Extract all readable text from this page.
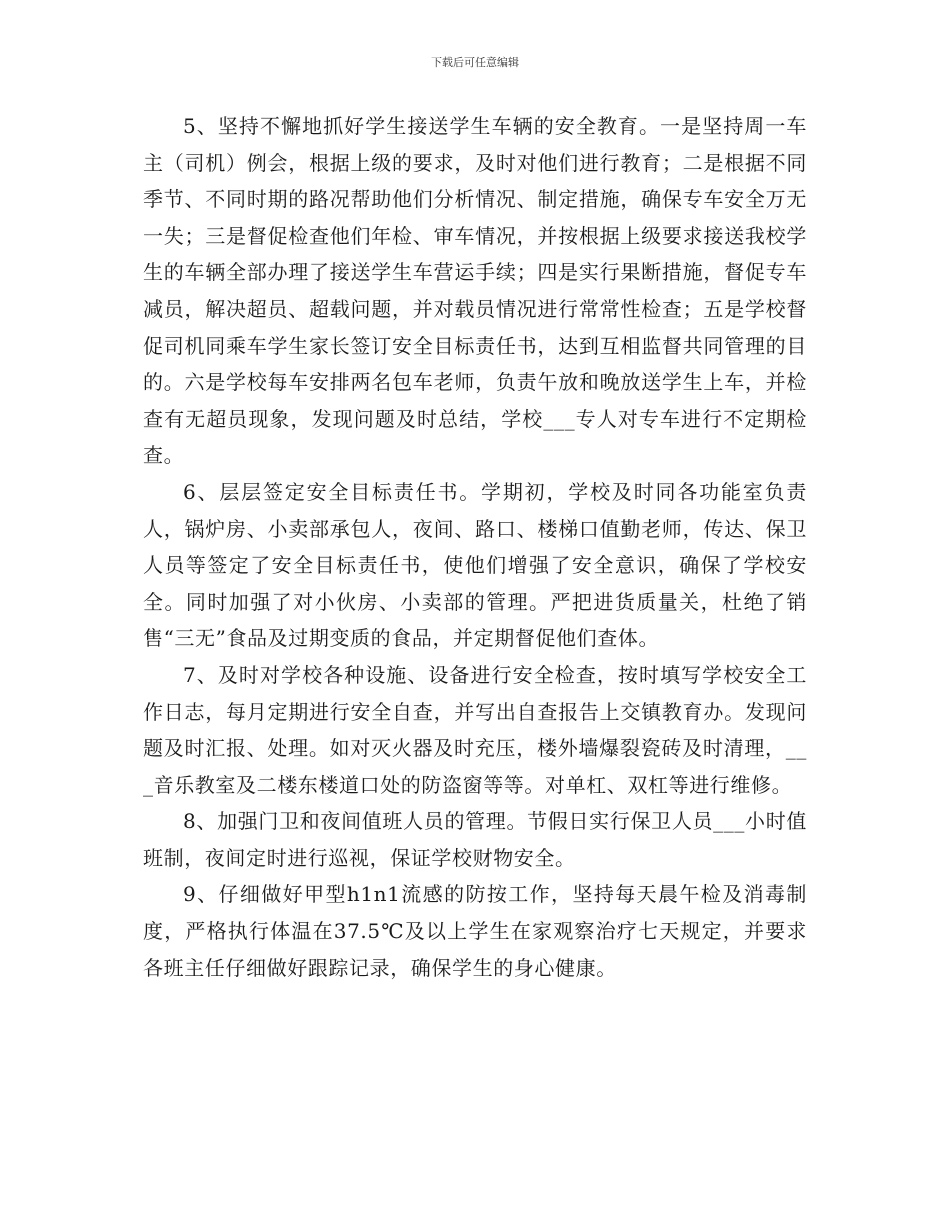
下载后可任意编辑

5、坚持不懈地抓好学生接送学生车辆的安全教育。一是坚持周一车主（司机）例会，根据上级的要求，及时对他们进行教育；二是根据不同季节、不同时期的路况帮助他们分析情况、制定措施，确保专车安全万无一失；三是督促检查他们年检、审车情况，并按根据上级要求接送我校学生的车辆全部办理了接送学生车营运手续；四是实行果断措施，督促专车减员，解决超员、超载问题，并对载员情况进行常常性检查；五是学校督促司机同乘车学生家长签订安全目标责任书，达到互相监督共同管理的目的。六是学校每车安排两名包车老师，负责午放和晚放送学生上车，并检查有无超员现象，发现问题及时总结，学校___专人对专车进行不定期检查。

6、层层签定安全目标责任书。学期初，学校及时同各功能室负责人，锅炉房、小卖部承包人，夜间、路口、楼梯口值勤老师，传达、保卫人员等签定了安全目标责任书，使他们增强了安全意识，确保了学校安全。同时加强了对小伙房、小卖部的管理。严把进货质量关，杜绝了销售“三无”食品及过期变质的食品，并定期督促他们查体。

7、及时对学校各种设施、设备进行安全检查，按时填写学校安全工作日志，每月定期进行安全自查，并写出自查报告上交镇教育办。发现问题及时汇报、处理。如对灭火器及时充压，楼外墙爆裂瓷砖及时清理，___音乐教室及二楼东楼道口处的防盗窗等等。对单杠、双杠等进行维修。

8、加强门卫和夜间值班人员的管理。节假日实行保卫人员___小时值班制，夜间定时进行巡视，保证学校财物安全。

9、仔细做好甲型h1n1流感的防按工作，坚持每天晨午检及消毒制度，严格执行体温在37.5℃及以上学生在家观察治疗七天规定，并要求各班主任仔细做好跟踪记录，确保学生的身心健康。
